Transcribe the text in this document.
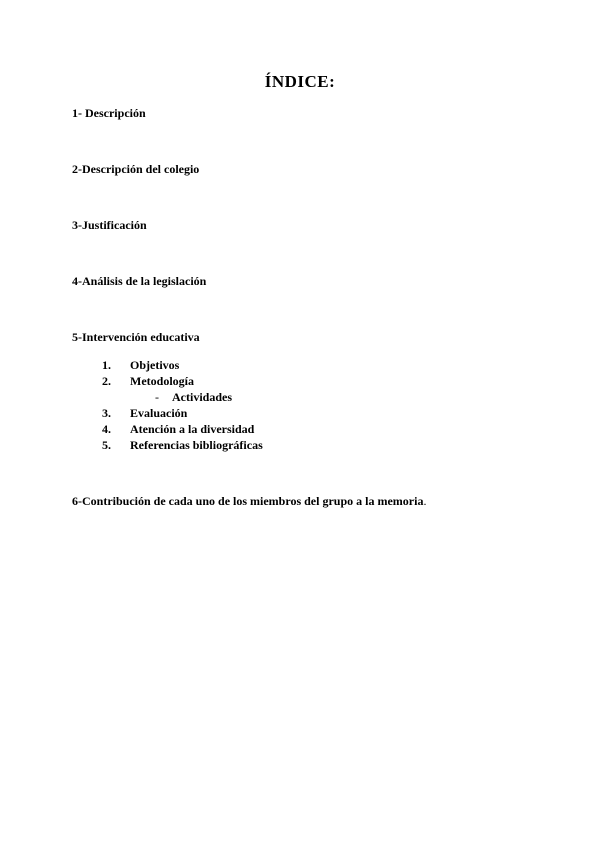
ÍNDICE:

1- Descripción

2-Descripción del colegio

3-Justificación

4-Análisis de la legislación

5-Intervención educativa

1.	Objetivos
2.	Metodología
- Actividades
3.	Evaluación
4.	Atención a la diversidad
5.	Referencias bibliográficas

6-Contribución de cada uno de los miembros del grupo a la memoria.
